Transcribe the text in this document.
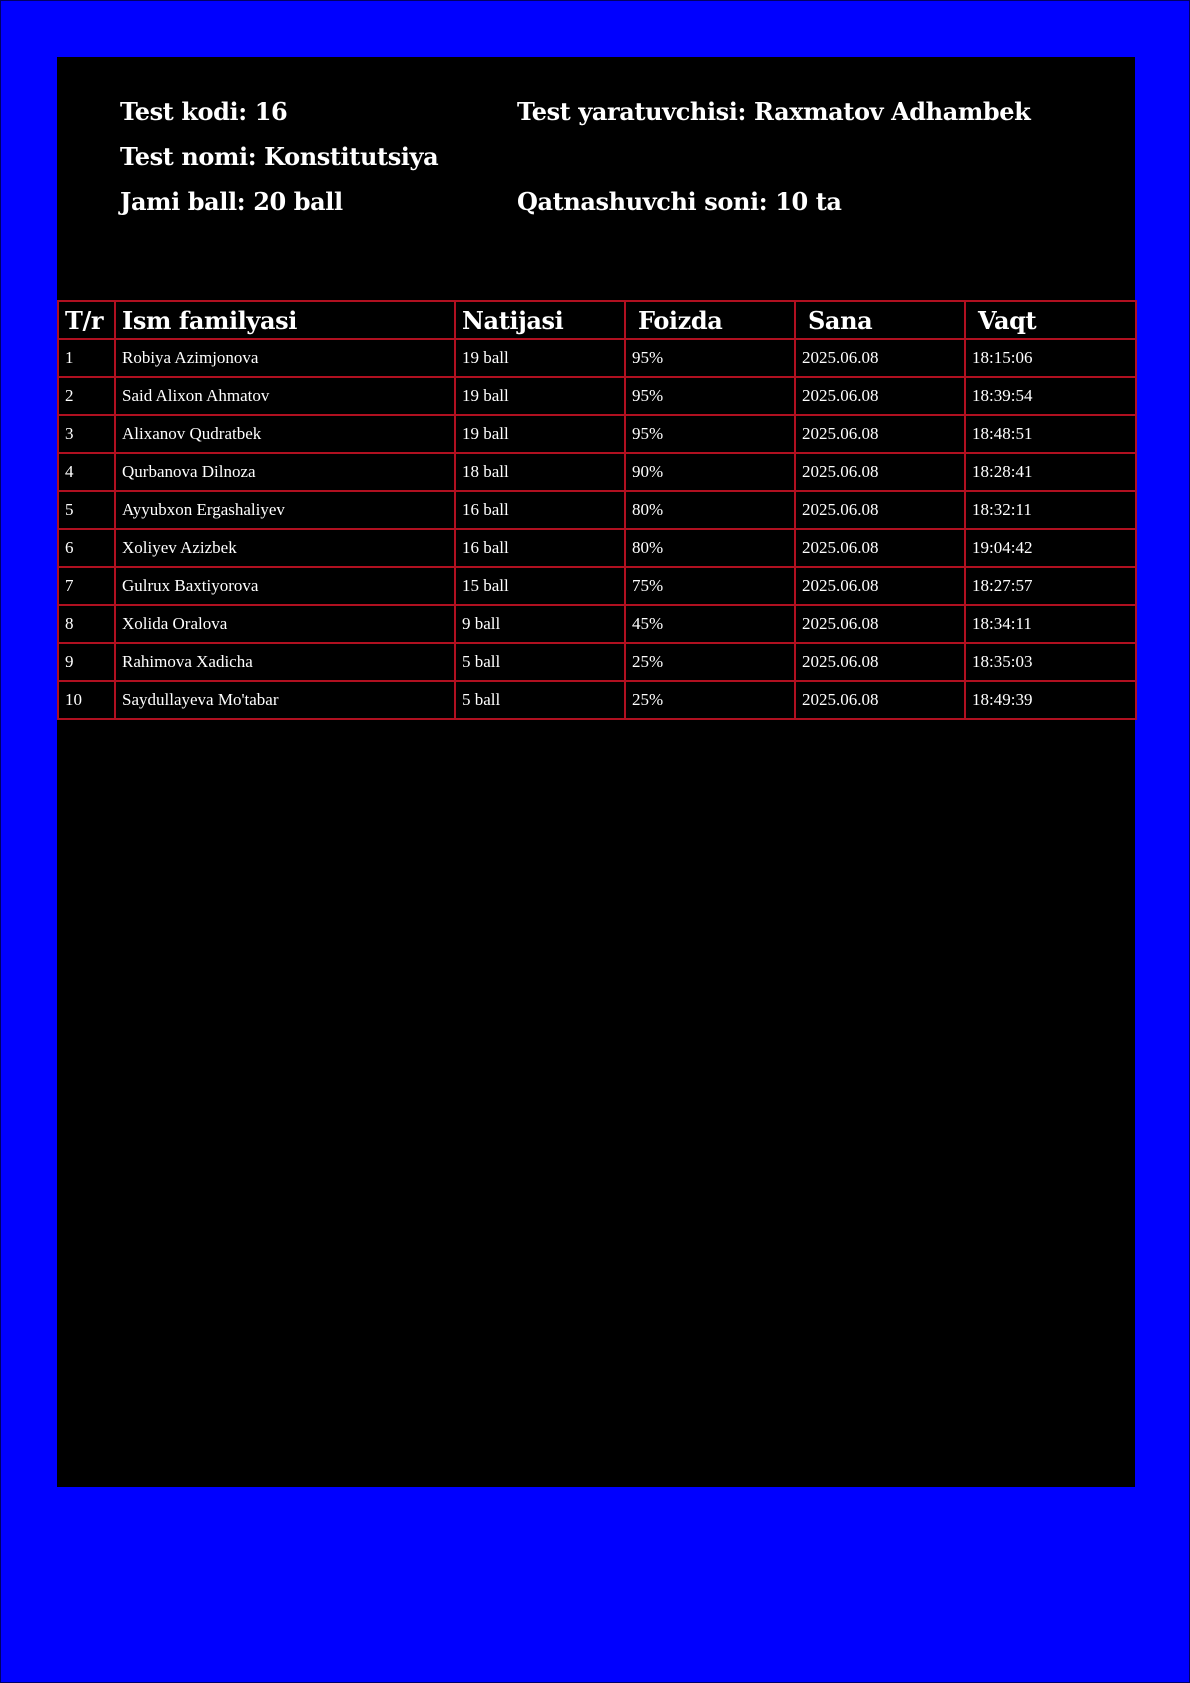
Test kodi: 16	Test yaratuvchisi: Raxmatov Adhambek
Test nomi: Konstitutsiya
Jami ball: 20 ball	Qatnashuvchi soni: 10 ta
T/r	Ism familyasi	Natijasi	Foizda	Sana	Vaqt
1	Robiya Azimjonova	19 ball	95%	2025.06.08	18:15:06
2	Said Alixon Ahmatov	19 ball	95%	2025.06.08	18:39:54
3	Alixanov Qudratbek	19 ball	95%	2025.06.08	18:48:51
4	Qurbanova Dilnoza	18 ball	90%	2025.06.08	18:28:41
5	Ayyubxon Ergashaliyev	16 ball	80%	2025.06.08	18:32:11
6	Xoliyev Azizbek	16 ball	80%	2025.06.08	19:04:42
7	Gulrux Baxtiyorova	15 ball	75%	2025.06.08	18:27:57
8	Xolida Oralova	9 ball	45%	2025.06.08	18:34:11
9	Rahimova Xadicha	5 ball	25%	2025.06.08	18:35:03
10	Saydullayeva Mo'tabar	5 ball	25%	2025.06.08	18:49:39
